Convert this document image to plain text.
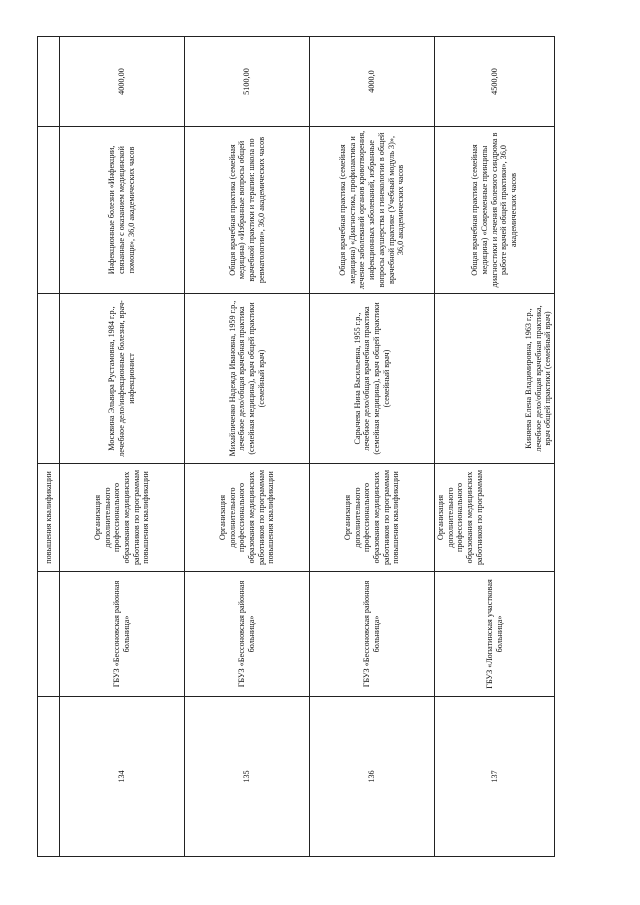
		повышения квалификации			
134	ГБУЗ «Бессоновская районная больница»	Организация дополнительного профессионального образования медицинских работников по программам повышения квалификации	Москвина Эльвира Рустамовна, 1984 г.р., лечебное дело/инфекционные болезни, врач-инфекционист	Инфекционные болезни «Инфекции, связанные с оказанием медицинской помощи», 36,0 академических часов	4000,00
135	ГБУЗ «Бессоновская районная больница»	Организация дополнительного профессионального образования медицинских работников по программам повышения квалификации	Михайличенко Надежда Ивановна, 1959 г.р., лечебное дело/общая врачебная практика (семейная медицина), врач общей практики (семейный врач)	Общая врачебная практика (семейная медицина) «Избранные вопросы общей врачебной практики и терапии: школа по ревматологии», 36,0 академических часов	5100,00
136	ГБУЗ «Бессоновская районная больница»	Организация дополнительного профессионального образования медицинских работников по программам повышения квалификации	Сарычева Нина Васильевна, 1955 г.р., лечебное дело/общая врачебная практика (семейная медицина), врач общей практики (семейный врач)	Общая врачебная практика (семейная медицина) «Диагностика, профилактика и лечение заболеваний органов кровотворения, инфекционных заболеваний, избранные вопросы акушерства и гинекологии в общей врачебной практике (Учебный модуль 3)», 36,0 академических часов	4000,0
137	ГБУЗ «Лопатинская участковая больница»	Организация дополнительного профессионального образования медицинских работников по программам	Киняева Елена Владимировна, 1963 г.р., лечебное дело/общая врачебная практика, врач общей практики (семейный врач)	Общая врачебная практика (семейная медицина) «Современные принципы диагностики и лечения болевого синдрома в работе врачей общей практики», 36,0 академических часов	4500,00
